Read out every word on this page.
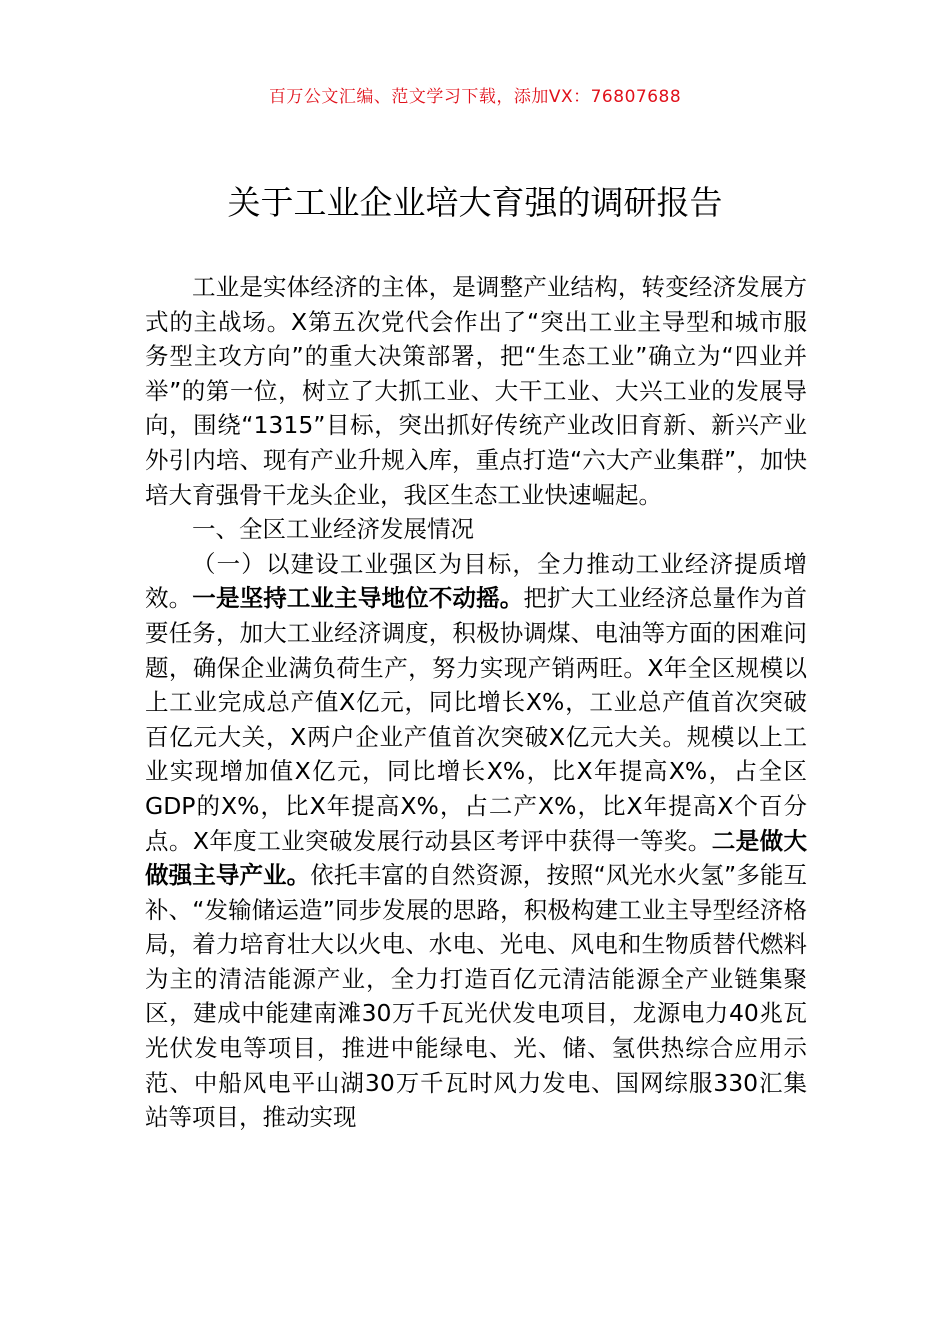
百万公文汇编、范文学习下载，添加VX：76807688
关于工业企业培大育强的调研报告

工业是实体经济的主体，是调整产业结构，转变经济发展方式的主战场。X第五次党代会作出了“突出工业主导型和城市服务型主攻方向”的重大决策部署，把“生态工业”确立为“四业并举”的第一位，树立了大抓工业、大干工业、大兴工业的发展导向，围绕“1315”目标，突出抓好传统产业改旧育新、新兴产业外引内培、现有产业升规入库，重点打造“六大产业集群”，加快培大育强骨干龙头企业，我区生态工业快速崛起。

一、全区工业经济发展情况

（一）以建设工业强区为目标，全力推动工业经济提质增效。一是坚持工业主导地位不动摇。把扩大工业经济总量作为首要任务，加大工业经济调度，积极协调煤、电油等方面的困难问题，确保企业满负荷生产，努力实现产销两旺。X年全区规模以上工业完成总产值X亿元，同比增长X%，工业总产值首次突破百亿元大关，X两户企业产值首次突破X亿元大关。规模以上工业实现增加值X亿元，同比增长X%，比X年提高X%，占全区GDP的X%，比X年提高X%，占二产X%，比X年提高X个百分点。X年度工业突破发展行动县区考评中获得一等奖。二是做大做强主导产业。依托丰富的自然资源，按照“风光水火氢”多能互补、“发输储运造”同步发展的思路，积极构建工业主导型经济格局，着力培育壮大以火电、水电、光电、风电和生物质替代燃料为主的清洁能源产业，全力打造百亿元清洁能源全产业链集聚区，建成中能建南滩30万千瓦光伏发电项目，龙源电力40兆瓦光伏发电等项目，推进中能绿电、光、储、氢供热综合应用示范、中船风电平山湖30万千瓦时风力发电、国网综服330汇集站等项目，推动实现
